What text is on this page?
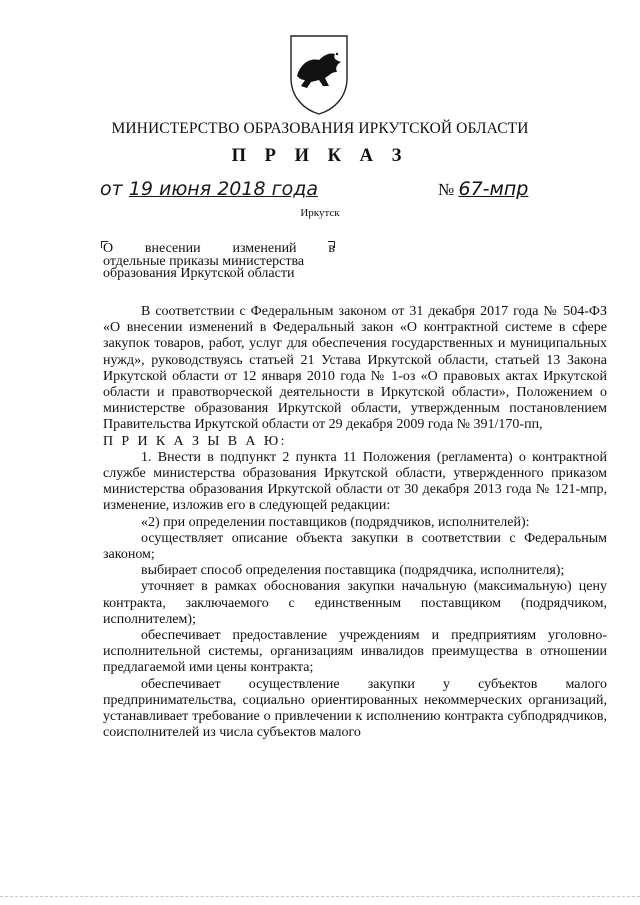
МИНИСТЕРСТВО ОБРАЗОВАНИЯ ИРКУТСКОЙ ОБЛАСТИ
П Р И К А З
от 19 июня 2018 года	№ 67-мпр
Иркутск
О внесении изменений в
отдельные приказы министерства
образования Иркутской области

В соответствии с Федеральным законом от 31 декабря 2017 года № 504-ФЗ «О внесении изменений в Федеральный закон «О контрактной системе в сфере закупок товаров, работ, услуг для обеспечения государственных и муниципальных нужд», руководствуясь статьей 21 Устава Иркутской области, статьей 13 Закона Иркутской области от 12 января 2010 года № 1-оз «О правовых актах Иркутской области и правотворческой деятельности в Иркутской области», Положением о министерстве образования Иркутской области, утвержденным постановлением Правительства Иркутской области от 29 декабря 2009 года № 391/170-пп,

П Р И К А З Ы В А Ю:

1. Внести в подпункт 2 пункта 11 Положения (регламента) о контрактной службе министерства образования Иркутской области, утвержденного приказом министерства образования Иркутской области от 30 декабря 2013 года № 121-мпр, изменение, изложив его в следующей редакции:

«2) при определении поставщиков (подрядчиков, исполнителей):

осуществляет описание объекта закупки в соответствии с Федеральным законом;

выбирает способ определения поставщика (подрядчика, исполнителя);

уточняет в рамках обоснования закупки начальную (максимальную) цену контракта, заключаемого с единственным поставщиком (подрядчиком, исполнителем);

обеспечивает предоставление учреждениям и предприятиям уголовно-исполнительной системы, организациям инвалидов преимущества в отношении предлагаемой ими цены контракта;

обеспечивает осуществление закупки у субъектов малого предпринимательства, социально ориентированных некоммерческих организаций, устанавливает требование о привлечении к исполнению контракта субподрядчиков, соисполнителей из числа субъектов малого
